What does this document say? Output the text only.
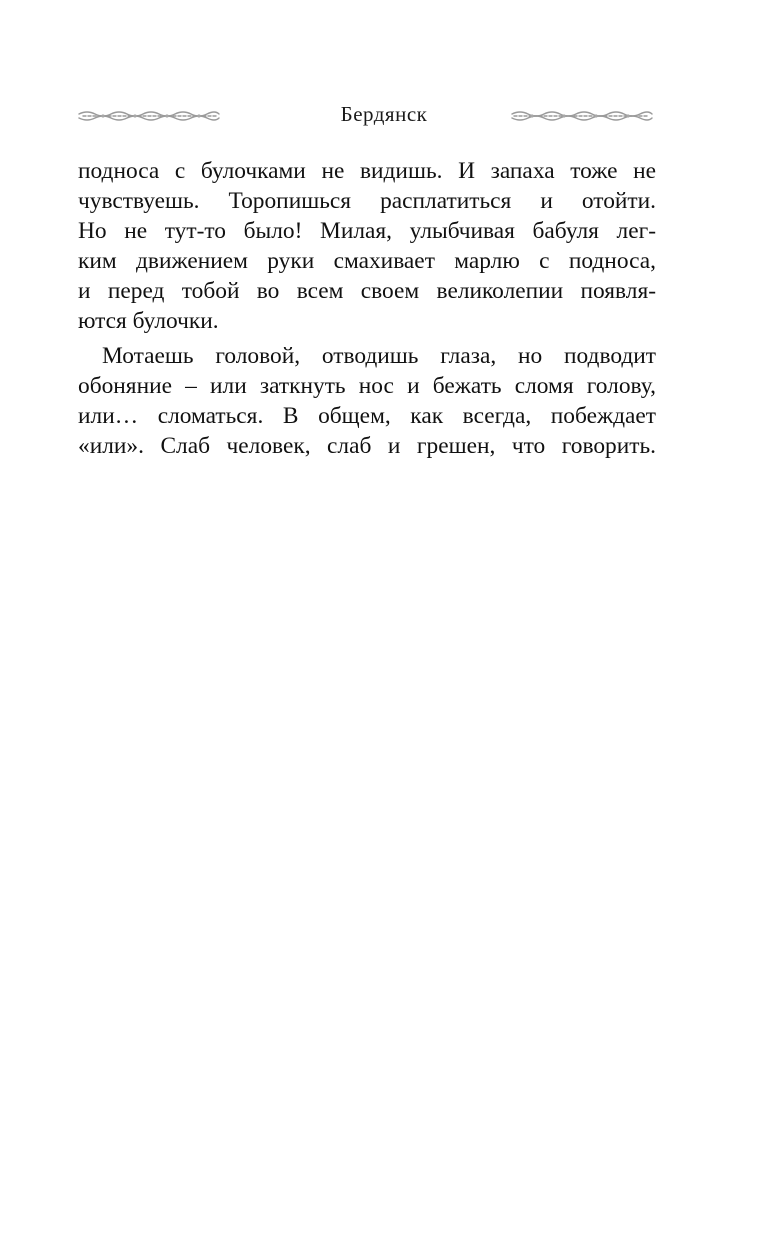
Бердянск

подноса с булочками не видишь. И запаха тоже не
чувствуешь. Торопишься расплатиться и отойти.
Но не тут-то было! Милая, улыбчивая бабуля лег-
ким движением руки смахивает марлю с подноса,
и перед тобой во всем своем великолепии появля-
ются булочки.

Мотаешь головой, отводишь глаза, но подводит
обоняние – или заткнуть нос и бежать сломя голову,
или… сломаться. В общем, как всегда, побеждает
«или». Слаб человек, слаб и грешен, что говорить.
